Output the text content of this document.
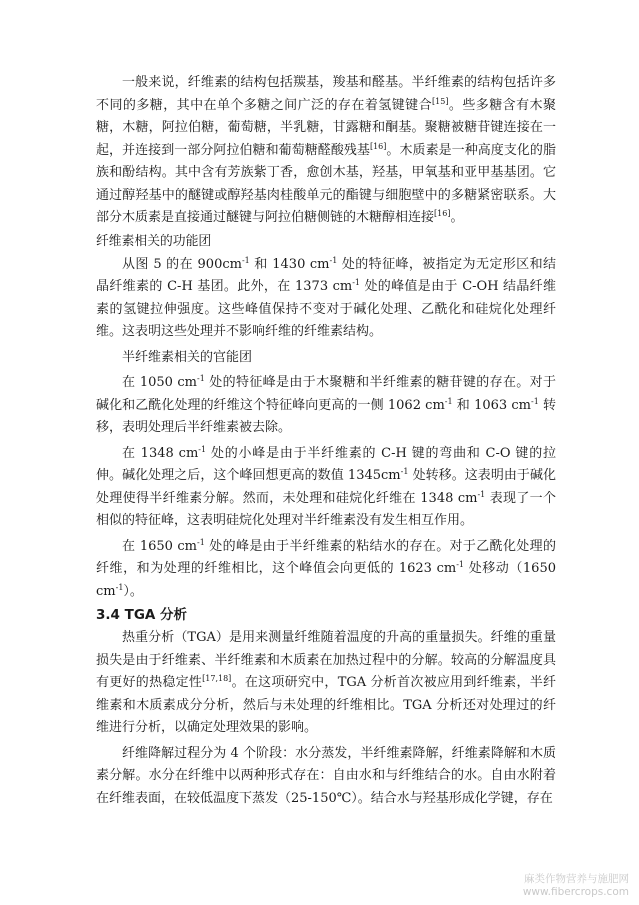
一般来说，纤维素的结构包括羰基，羧基和醛基。半纤维素的结构包括许多不同的多糖，其中在单个多糖之间广泛的存在着氢键键合[15]。些多糖含有木聚糖，木糖，阿拉伯糖，葡萄糖，半乳糖，甘露糖和酮基。聚糖被糖苷键连接在一起，并连接到一部分阿拉伯糖和葡萄糖醛酸残基[16]。木质素是一种高度支化的脂族和酚结构。其中含有芳族紫丁香，愈创木基，羟基，甲氧基和亚甲基基团。它通过醇羟基中的醚键或醇羟基肉桂酸单元的酯键与细胞壁中的多糖紧密联系。大部分木质素是直接通过醚键与阿拉伯糖侧链的木糖醇相连接[16]。

纤维素相关的功能团

从图 5 的在 $900cm^{-1}$ 和 1430 $cm^{-1}$ 处的特征峰，被指定为无定形区和结晶纤维素的 C-H 基团。此外，在 1373 $cm^{-1}$ 处的峰值是由于 C-OH 结晶纤维素的氢键拉伸强度。这些峰值保持不变对于碱化处理、乙酰化和硅烷化处理纤维。这表明这些处理并不影响纤维的纤维素结构。

半纤维素相关的官能团

在 1050 $cm^{-1}$ 处的特征峰是由于木聚糖和半纤维素的糖苷键的存在。对于碱化和乙酰化处理的纤维这个特征峰向更高的一侧 1062 $cm^{-1}$ 和 1063 $cm^{-1}$ 转移，表明处理后半纤维素被去除。

在 1348 $cm^{-1}$ 处的小峰是由于半纤维素的 C-H 键的弯曲和 C-O 键的拉伸。碱化处理之后，这个峰回想更高的数值 $1345cm^{-1}$ 处转移。这表明由于碱化处理使得半纤维素分解。然而，未处理和硅烷化纤维在 1348 $cm^{-1}$ 表现了一个相似的特征峰，这表明硅烷化处理对半纤维素没有发生相互作用。

在 1650 $cm^{-1}$ 处的峰是由于半纤维素的粘结水的存在。对于乙酰化处理的纤维，和为处理的纤维相比，这个峰值会向更低的 1623 $cm^{-1}$ 处移动（1650 $cm^{-1}$）。

3.4 TGA 分析

热重分析（TGA）是用来测量纤维随着温度的升高的重量损失。纤维的重量损失是由于纤维素、半纤维素和木质素在加热过程中的分解。较高的分解温度具有更好的热稳定性[17,18]。在这项研究中，TGA 分析首次被应用到纤维素，半纤维素和木质素成分分析，然后与未处理的纤维相比。TGA 分析还对处理过的纤维进行分析，以确定处理效果的影响。

纤维降解过程分为 4 个阶段：水分蒸发，半纤维素降解，纤维素降解和木质素分解。水分在纤维中以两种形式存在：自由水和与纤维结合的水。自由水附着在纤维表面，在较低温度下蒸发（25-150℃）。结合水与羟基形成化学键，存在

麻类作物营养与施肥网
www.fibercrops.com
